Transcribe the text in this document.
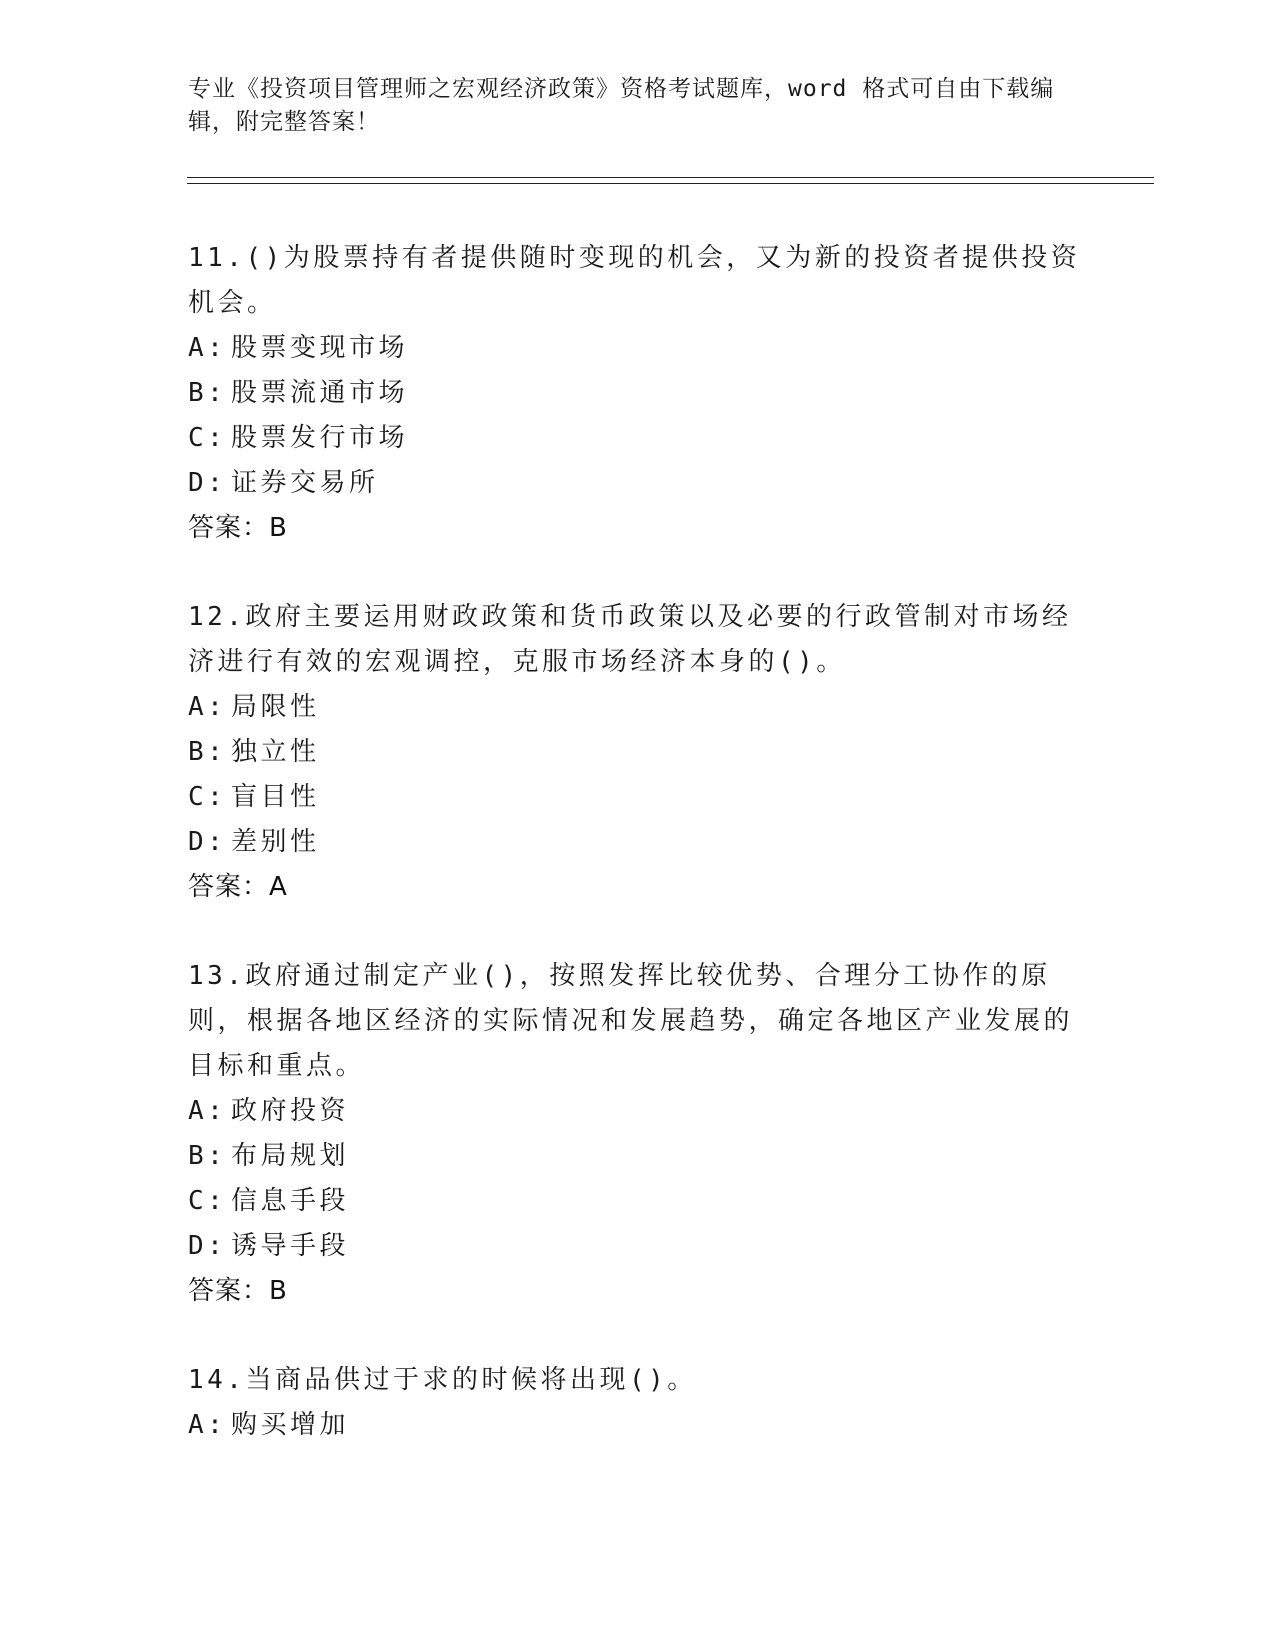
专业《投资项目管理师之宏观经济政策》资格考试题库，word 格式可自由下载编辑，附完整答案！

11.()为股票持有者提供随时变现的机会，又为新的投资者提供投资机会。

A: 股票变现市场
B: 股票流通市场
C: 股票发行市场
D: 证券交易所
答案：B

12.政府主要运用财政政策和货币政策以及必要的行政管制对市场经济进行有效的宏观调控，克服市场经济本身的()。

A: 局限性
B: 独立性
C: 盲目性
D: 差别性
答案：A

13.政府通过制定产业()，按照发挥比较优势、合理分工协作的原则，根据各地区经济的实际情况和发展趋势，确定各地区产业发展的目标和重点。

A: 政府投资
B: 布局规划
C: 信息手段
D: 诱导手段
答案：B

14.当商品供过于求的时候将出现()。

A: 购买增加
